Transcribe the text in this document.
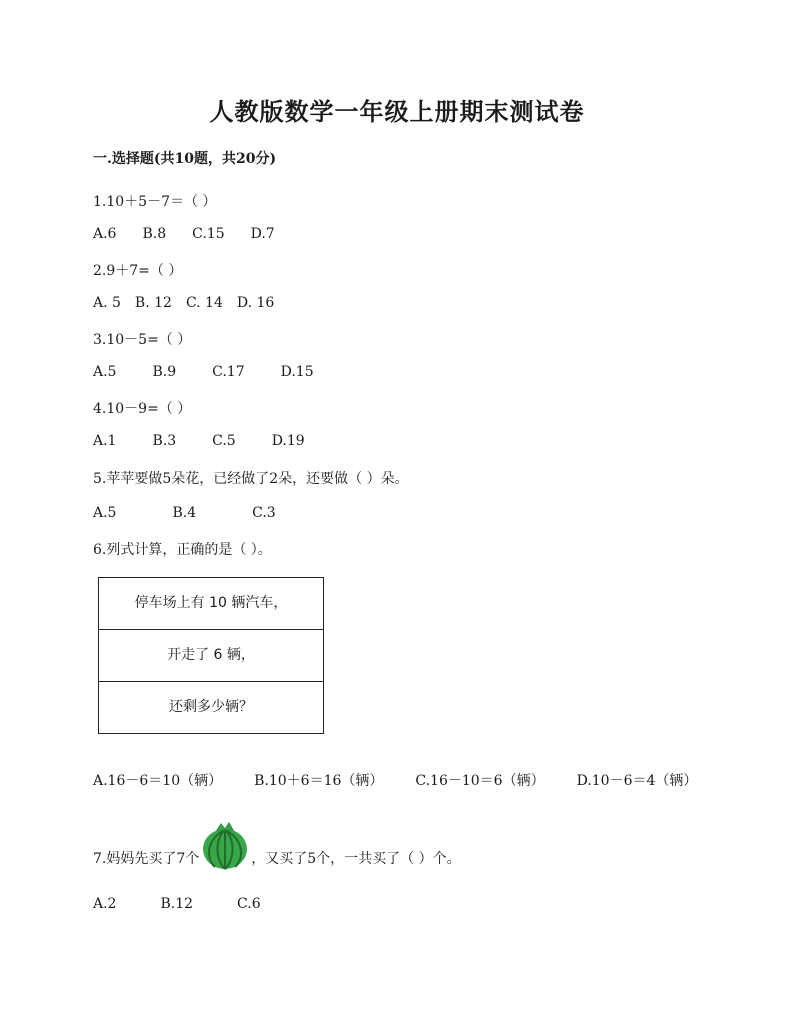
人教版数学一年级上册期末测试卷
一.选择题(共10题，共20分)
1.10＋5－7＝（ ）
A.6 B.8 C.15 D.7
2.9＋7=（ ）
A. 5 B. 12 C. 14 D. 16
3.10－5=（ ）
A.5	B.9	C.17	D.15
4.10－9=（ ）
A.1	B.3	C.5	D.19
5.苹苹要做5朵花，已经做了2朵，还要做（ ）朵。
A.5	B.4	C.3
6.列式计算，正确的是（ ）。
停车场上有 10 辆汽车，
开走了 6 辆，
还剩多少辆？
A.16－6＝10（辆） B.10＋6＝16（辆） C.16－10＝6（辆） D.10－6＝4（辆）
7.妈妈先买了7个	，又买了5个，一共买了（ ）个。
A.2	B.12	C.6
